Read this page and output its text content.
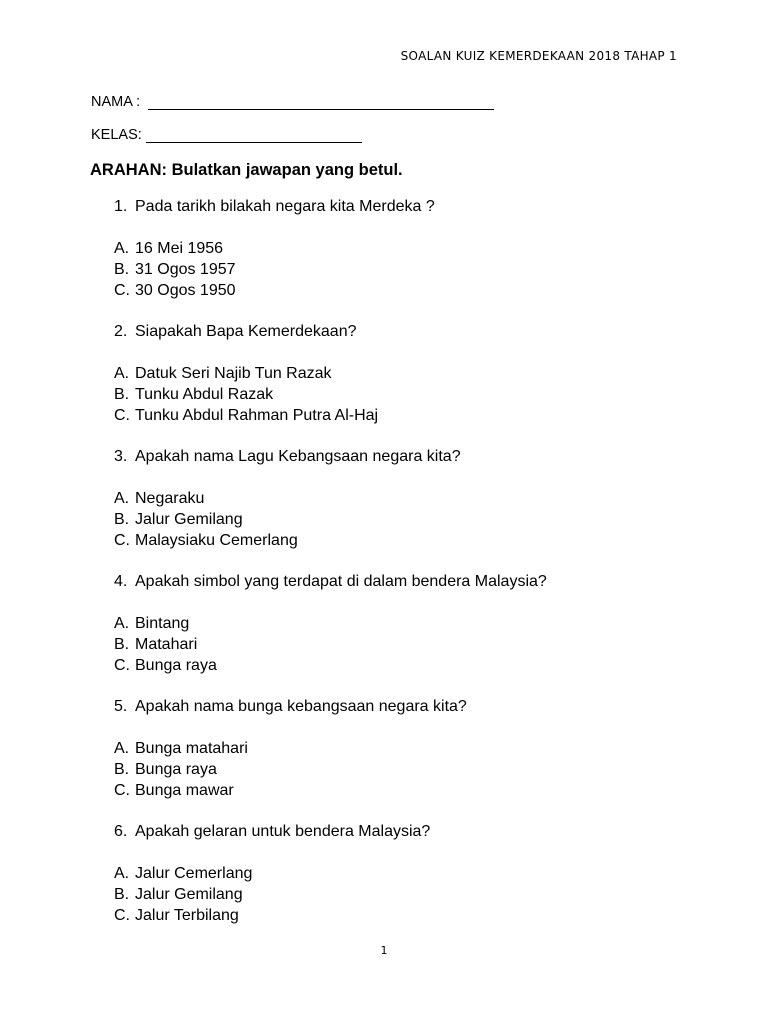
SOALAN KUIZ KEMERDEKAAN 2018 TAHAP 1
NAMA :
KELAS:
ARAHAN: Bulatkan jawapan yang betul.

1. Pada tarikh bilakah negara kita Merdeka ?

A. 16 Mei 1956
B. 31 Ogos 1957
C. 30 Ogos 1950

2. Siapakah Bapa Kemerdekaan?

A. Datuk Seri Najib Tun Razak
B. Tunku Abdul Razak
C. Tunku Abdul Rahman Putra Al-Haj

3. Apakah nama Lagu Kebangsaan negara kita?

A. Negaraku
B. Jalur Gemilang
C. Malaysiaku Cemerlang

4. Apakah simbol yang terdapat di dalam bendera Malaysia?

A. Bintang
B. Matahari
C. Bunga raya

5. Apakah nama bunga kebangsaan negara kita?

A. Bunga matahari
B. Bunga raya
C. Bunga mawar

6. Apakah gelaran untuk bendera Malaysia?

A. Jalur Cemerlang
B. Jalur Gemilang
C. Jalur Terbilang
1
